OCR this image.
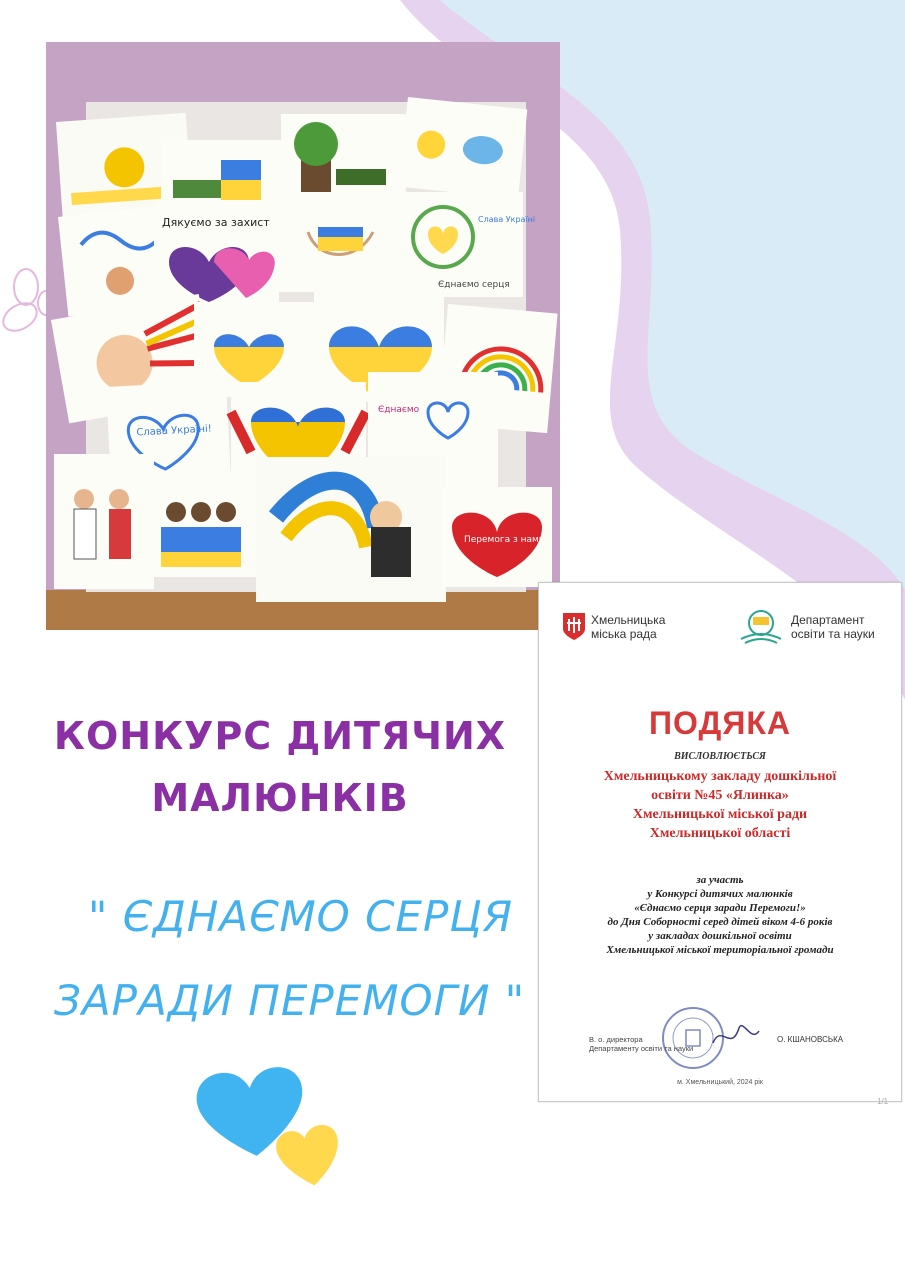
Дякуємо за захист	Слава Україні
Слава Україні!
Єднаємо
Перемога з нами
Єднаємо серця
КОНКУРС ДИТЯЧИХ
МАЛЮНКІВ
" ЄДНАЄМО СЕРЦЯ
ЗАРАДИ ПЕРЕМОГИ "
Хмельницька міська рада
Департамент освіти та науки
ПОДЯКА
ВИСЛОВЛЮЄТЬСЯ
Хмельницькому закладу дошкільної
освіти №45 «Ялинка»
Хмельницької міської ради
Хмельницької області
за участь
у Конкурсі дитячих малюнків
«Єднаємо серця заради Перемоги!»
до Дня Соборності серед дітей віком 4-6 років
у закладах дошкільної освіти
Хмельницької міської територіальної громади
В. о. директора
Департаменту освіти та науки
О. КШАНОВСЬКА
м. Хмельницький, 2024 рік
1/1
